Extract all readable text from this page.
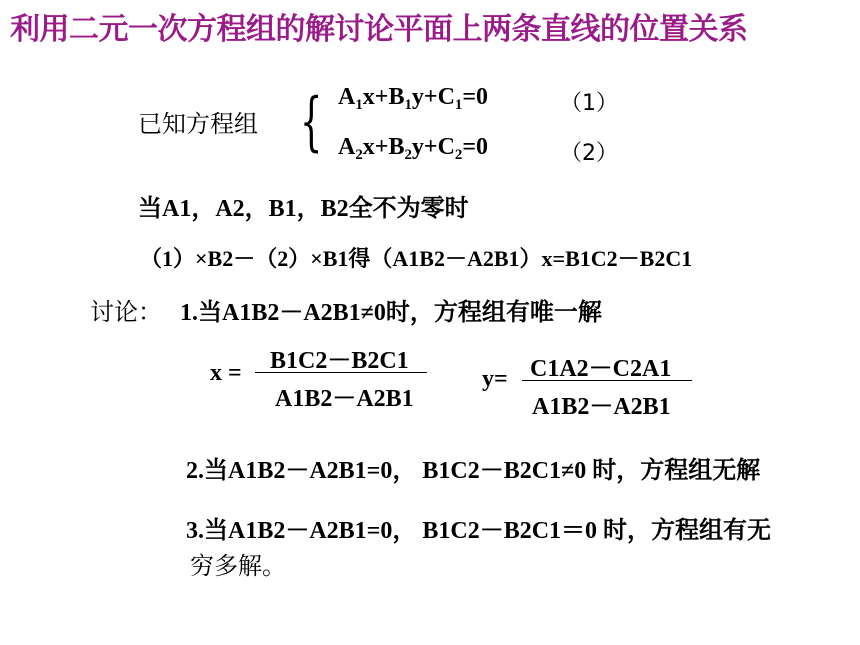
利用二元一次方程组的解讨论平面上两条直线的位置关系
已知方程组 { $A_1x+B_1y+C_1=0$	（1）
$A_2x+B_2y+C_2=0$	（2）
当A1，A2，B1，B2全不为零时
（1）×B2－（2）×B1得（A1B2－A2B1）x=B1C2－B2C1
讨论： 1.当A1B2－A2B1≠0时，方程组有唯一解
x = B1C2－B2C1
A1B2－A2B1
y= C1A2－C2A1
A1B2－A2B1
2.当A1B2－A2B1=0， B1C2－B2C1≠0 时，方程组无解
3.当A1B2－A2B1=0， B1C2－B2C1＝0 时，方程组有无
穷多解。
